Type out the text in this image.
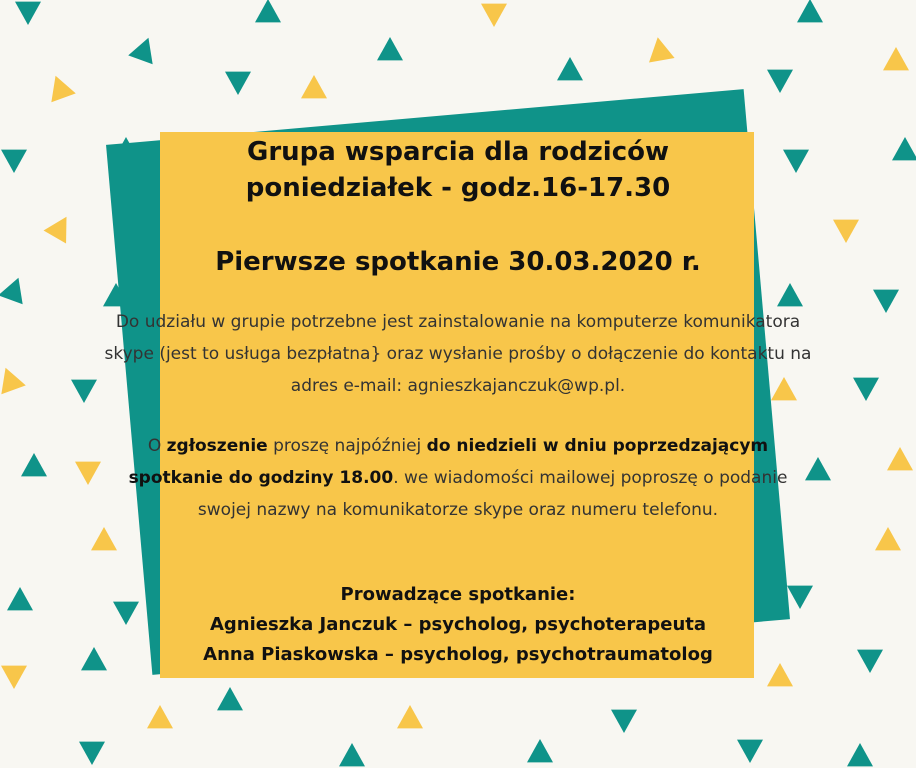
Grupa wsparcia dla rodziców

poniedziałek - godz.16-17.30

Pierwsze spotkanie 30.03.2020 r.

Do udziału w grupie potrzebne jest zainstalowanie na komputerze komunikatora
skype (jest to usługa bezpłatna} oraz wysłanie prośby o dołączenie do kontaktu na
adres e-mail: agnieszkajanczuk@wp.pl.

O zgłoszenie proszę najpóźniej do niedzieli w dniu poprzedzającym
spotkanie do godziny 18.00. we wiadomości mailowej poproszę o podanie
swojej nazwy na komunikatorze skype oraz numeru telefonu.

Prowadzące spotkanie:
Agnieszka Janczuk – psycholog, psychoterapeuta
Anna Piaskowska – psycholog, psychotraumatolog
